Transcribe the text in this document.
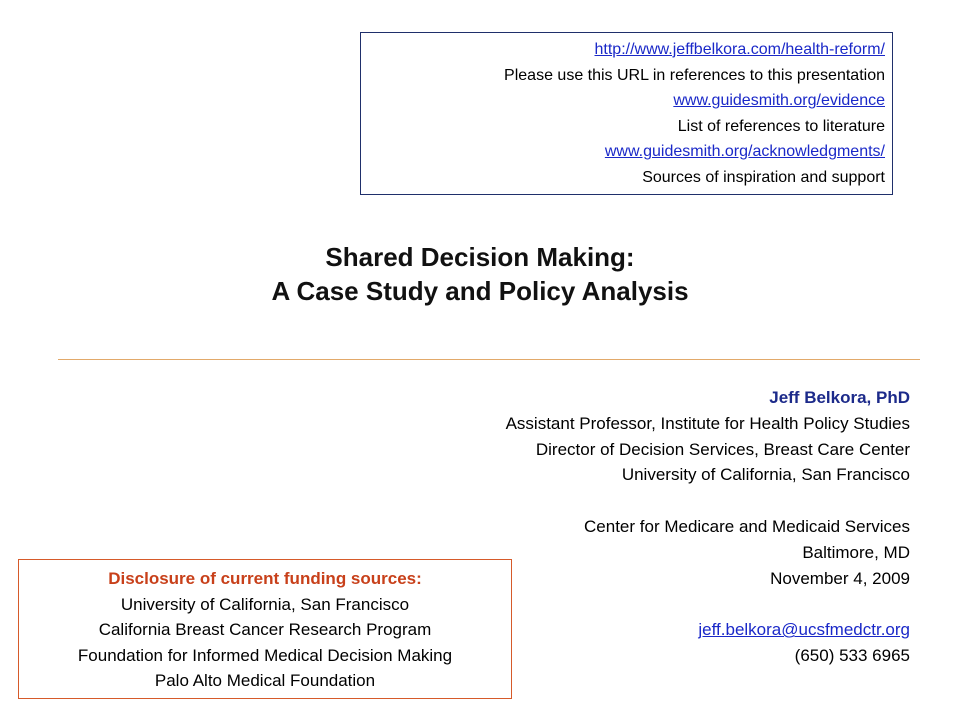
http://www.jeffbelkora.com/health-reform/
Please use this URL in references to this presentation
www.guidesmith.org/evidence
List of references to literature
www.guidesmith.org/acknowledgments/
Sources of inspiration and support
Shared Decision Making:
A Case Study and Policy Analysis
Jeff Belkora, PhD
Assistant Professor, Institute for Health Policy Studies
Director of Decision Services, Breast Care Center
University of California, San Francisco
Center for Medicare and Medicaid Services
Baltimore, MD
November 4, 2009
jeff.belkora@ucsfmedctr.org
(650) 533 6965
Disclosure of current funding sources:
University of California, San Francisco
California Breast Cancer Research Program
Foundation for Informed Medical Decision Making
Palo Alto Medical Foundation
